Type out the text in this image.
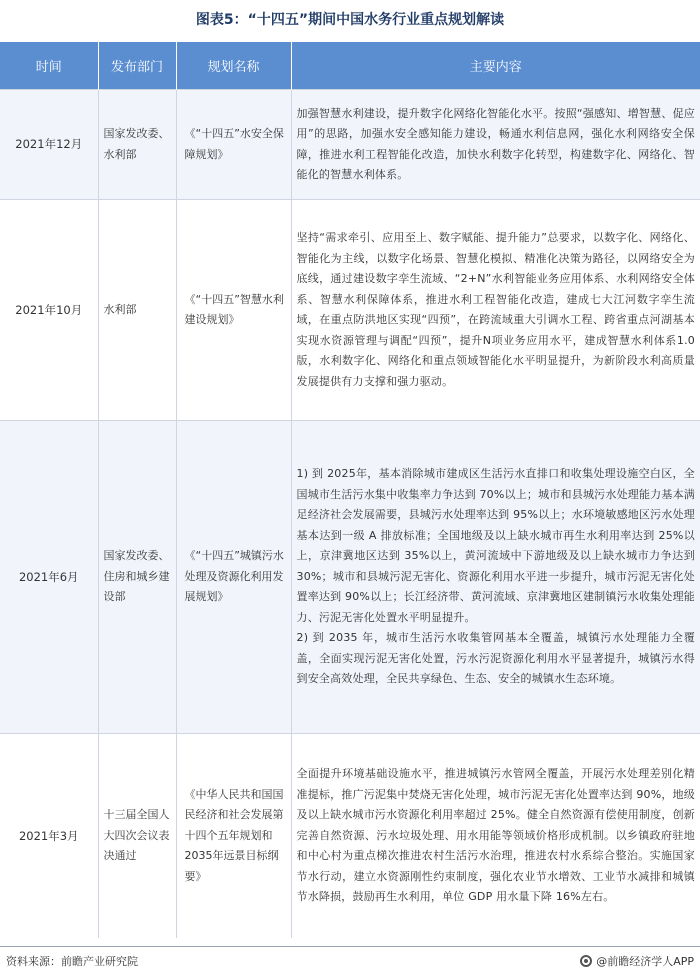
图表5：“十四五”期间中国水务行业重点规划解读
时间	发布部门	规划名称	主要内容
2021年12月	国家发改委、水利部	《“十四五”水安全保障规划》	加强智慧水利建设，提升数字化网络化智能化水平。按照“强感知、增智慧、促应用”的思路，加强水安全感知能力建设，畅通水利信息网，强化水利网络安全保障，推进水利工程智能化改造，加快水利数字化转型，构建数字化、网络化、智能化的智慧水利体系。

2021年10月	水利部	《“十四五”智慧水利建设规划》	坚持“需求牵引、应用至上、数字赋能、提升能力”总要求，以数字化、网络化、智能化为主线，以数字化场景、智慧化模拟、精准化决策为路径，以网络安全为底线，通过建设数字孪生流域、“2+N”水利智能业务应用体系、水利网络安全体系、智慧水利保障体系，推进水利工程智能化改造，建成七大江河数字孪生流域，在重点防洪地区实现“四预”，在跨流域重大引调水工程、跨省重点河湖基本实现水资源管理与调配“四预”，提升N项业务应用水平，建成智慧水利体系1.0版，水利数字化、网络化和重点领域智能化水平明显提升，为新阶段水利高质量发展提供有力支撑和强力驱动。

2021年6月	国家发改委、住房和城乡建设部	《“十四五”城镇污水处理及资源化利用发展规划》	1) 到 2025年，基本消除城市建成区生活污水直排口和收集处理设施空白区，全国城市生活污水集中收集率力争达到 70%以上；城市和县城污水处理能力基本满足经济社会发展需要，县城污水处理率达到 95%以上；水环境敏感地区污水处理基本达到一级 A 排放标准；全国地级及以上缺水城市再生水利用率达到 25%以上，京津冀地区达到 35%以上，黄河流域中下游地级及以上缺水城市力争达到 30%；城市和县城污泥无害化、资源化利用水平进一步提升，城市污泥无害化处置率达到 90%以上；长江经济带、黄河流域、京津冀地区建制镇污水收集处理能力、污泥无害化处置水平明显提升。
2) 到 2035 年，城市生活污水收集管网基本全覆盖，城镇污水处理能力全覆盖，全面实现污泥无害化处置，污水污泥资源化利用水平显著提升，城镇污水得到安全高效处理，全民共享绿色、生态、安全的城镇水生态环境。

2021年3月	十三届全国人大四次会议表决通过	《中华人民共和国国民经济和社会发展第十四个五年规划和2035年远景目标纲要》	全面提升环境基础设施水平，推进城镇污水管网全覆盖，开展污水处理差别化精准提标，推广污泥集中焚烧无害化处理，城市污泥无害化处置率达到 90%，地级及以上缺水城市污水资源化利用率超过 25%。健全自然资源有偿使用制度，创新完善自然资源、污水垃圾处理、用水用能等领域价格形成机制。以乡镇政府驻地和中心村为重点梯次推进农村生活污水治理，推进农村水系综合整治。实施国家节水行动，建立水资源刚性约束制度，强化农业节水增效、工业节水减排和城镇节水降损，鼓励再生水利用，单位 GDP 用水量下降 16%左右。
资料来源：前瞻产业研究院	@前瞻经济学人APP
